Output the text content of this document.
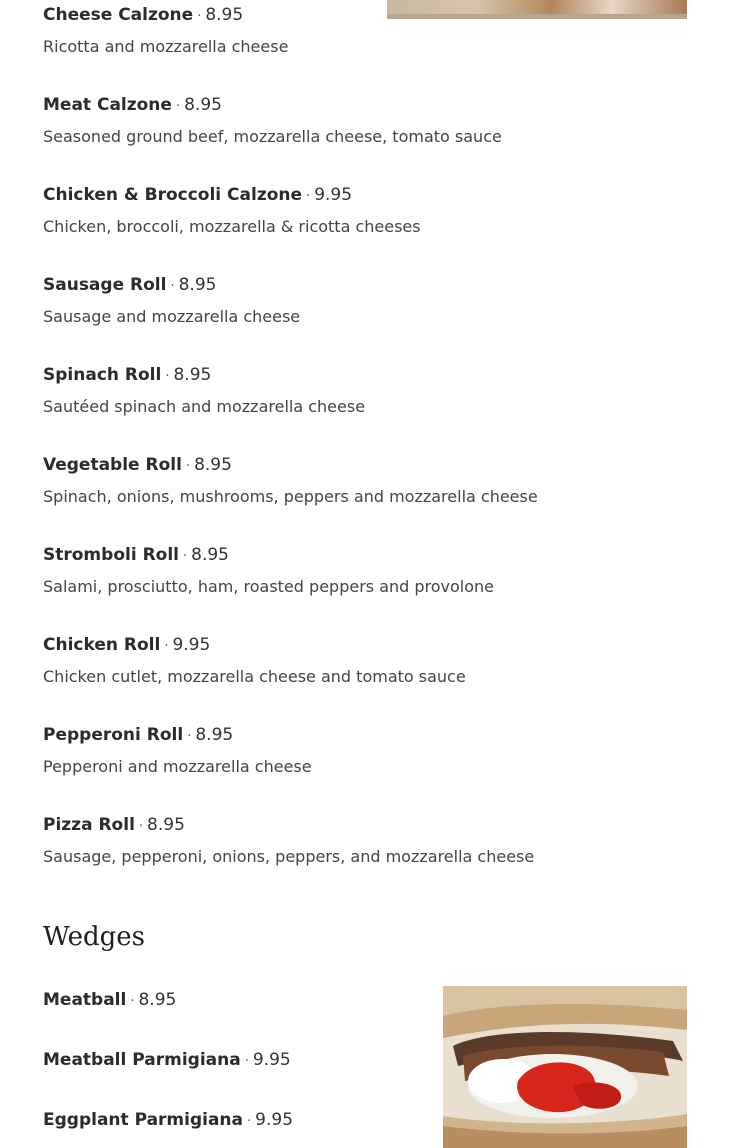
Cheese Calzone · 8.95
Ricotta and mozzarella cheese
Meat Calzone · 8.95
Seasoned ground beef, mozzarella cheese, tomato sauce
Chicken & Broccoli Calzone · 9.95
Chicken, broccoli, mozzarella & ricotta cheeses
Sausage Roll · 8.95
Sausage and mozzarella cheese
Spinach Roll · 8.95
Sautéed spinach and mozzarella cheese
Vegetable Roll · 8.95
Spinach, onions, mushrooms, peppers and mozzarella cheese
Stromboli Roll · 8.95
Salami, prosciutto, ham, roasted peppers and provolone
Chicken Roll · 9.95
Chicken cutlet, mozzarella cheese and tomato sauce
Pepperoni Roll · 8.95
Pepperoni and mozzarella cheese
Pizza Roll · 8.95
Sausage, pepperoni, onions, peppers, and mozzarella cheese
Wedges
Meatball · 8.95
Meatball Parmigiana · 9.95
Eggplant Parmigiana · 9.95
